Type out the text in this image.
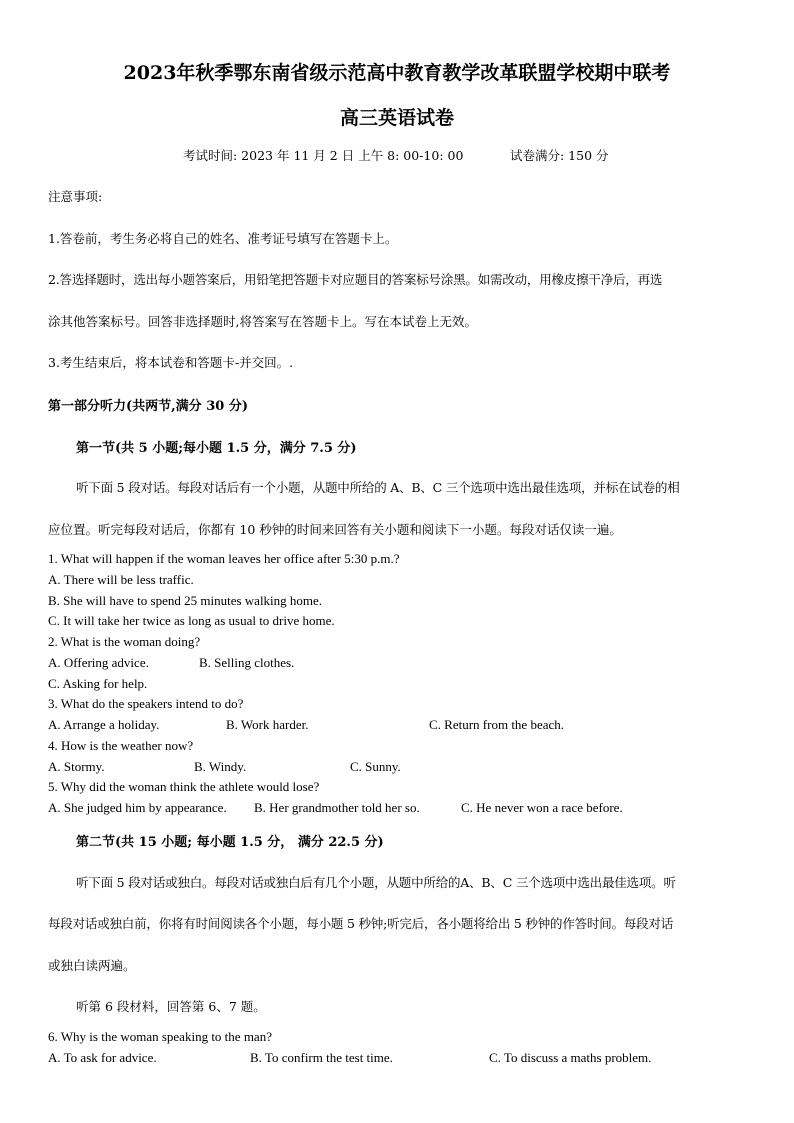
2023年秋季鄂东南省级示范高中教育教学改革联盟学校期中联考
高三英语试卷
考试时间: 2023 年 11 月 2 日 上午 8: 00-10: 00	试卷满分: 150 分
注意事项:
1.答卷前，考生务必将自己的姓名、准考证号填写在答题卡上。
2.答选择题时，选出每小题答案后，用铅笔把答题卡对应题目的答案标号涂黑。如需改动，用橡皮擦干净后，再选
涂其他答案标号。回答非选择题时,将答案写在答题卡上。写在本试卷上无效。
3.考生结束后，将本试卷和答题卡-并交回。.
第一部分听力(共两节,满分 30 分)
第一节(共 5 小题;每小题 1.5 分，满分 7.5 分)
听下面 5 段对话。每段对话后有一个小题，从题中所给的 A、B、C 三个选项中选出最佳选项，并标在试卷的相
应位置。听完每段对话后，你都有 10 秒钟的时间来回答有关小题和阅读下一小题。每段对话仅读一遍。
1. What will happen if the woman leaves her office after 5:30 p.m.?
A. There will be less traffic.
B. She will have to spend 25 minutes walking home.
C. It will take her twice as long as usual to drive home.
2. What is the woman doing?
A. Offering advice.	B. Selling clothes.
C. Asking for help.
3. What do the speakers intend to do?
A. Arrange a holiday.	B. Work harder.	C. Return from the beach.
4. How is the weather now?
A. Stormy.	B. Windy.	C. Sunny.
5. Why did the woman think the athlete would lose?
A. She judged him by appearance. B. Her grandmother told her so.	C. He never won a race before.
第二节(共 15 小题; 每小题 1.5 分， 满分 22.5 分)
听下面 5 段对话或独白。每段对话或独白后有几个小题，从题中所给的A、B、C 三个选项中选出最佳选项。听
每段对话或独白前，你将有时间阅读各个小题，每小题 5 秒钟;听完后，各小题将给出 5 秒钟的作答时间。每段对话
或独白读两遍。
听第 6 段材料，回答第 6、7 题。
6. Why is the woman speaking to the man?
A. To ask for advice.	B. To confirm the test time.	C. To discuss a maths problem.
